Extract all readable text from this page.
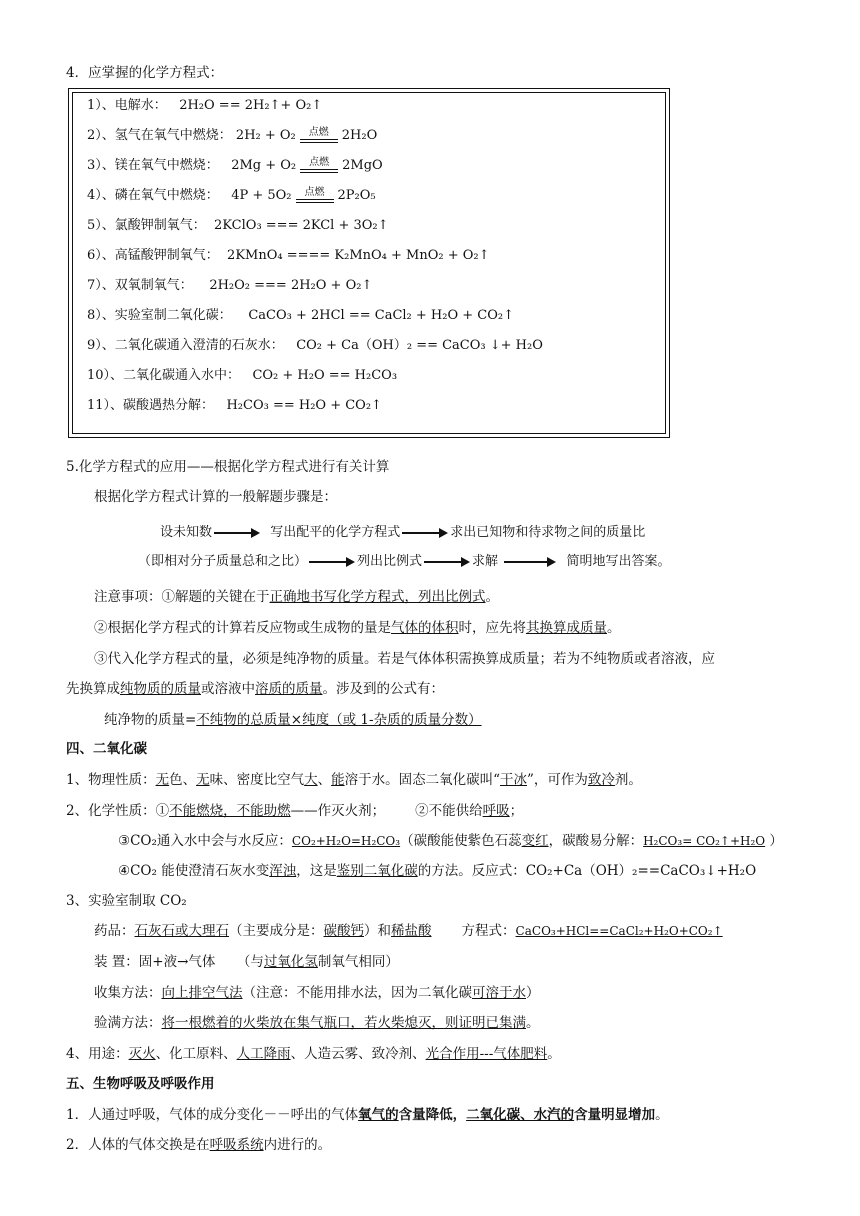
4．应掌握的化学方程式：
1）、电解水： 2H₂O == 2H₂↑+ O₂↑
2）、氢气在氧气中燃烧： 2H₂ + O₂	点燃	2H₂O
3）、镁在氧气中燃烧： 2Mg + O₂	点燃	2MgO
4）、磷在氧气中燃烧： 4P + 5O₂	点燃	2P₂O₅
5）、氯酸钾制氧气： 2KClO₃ === 2KCl + 3O₂↑
6）、高锰酸钾制氧气： 2KMnO₄ ==== K₂MnO₄ + MnO₂ + O₂↑
7）、双氧制氧气： 2H₂O₂ === 2H₂O + O₂↑
8）、实验室制二氧化碳： CaCO₃ + 2HCl == CaCl₂ + H₂O + CO₂↑
9）、二氧化碳通入澄清的石灰水： CO₂ + Ca（OH）₂ == CaCO₃ ↓+ H₂O
10）、二氧化碳通入水中： CO₂ + H₂O == H₂CO₃
11）、碳酸遇热分解： H₂CO₃ == H₂O + CO₂↑
5.化学方程式的应用——根据化学方程式进行有关计算
根据化学方程式计算的一般解题步骤是：
设未知数	写出配平的化学方程式	求出已知物和待求物之间的质量比
（即相对分子质量总和之比）	列出比例式	求解	简明地写出答案。
注意事项：①解题的关键在于正确地书写化学方程式，列出比例式。
②根据化学方程式的计算若反应物或生成物的量是气体的体积时，应先将其换算成质量。
③代入化学方程式的量，必须是纯净物的质量。若是气体体积需换算成质量；若为不纯物质或者溶液，应
先换算成纯物质的质量或溶液中溶质的质量。涉及到的公式有：
纯净物的质量=不纯物的总质量×纯度（或 1-杂质的质量分数）
四、二氧化碳
1、物理性质：无色、无味、密度比空气大、能溶于水。固态二氧化碳叫“干冰”，可作为致冷剂。
2、化学性质：①不能燃烧，不能助燃——作灭火剂； ②不能供给呼吸；
③CO₂通入水中会与水反应：CO₂+H₂O=H₂CO₃（碳酸能使紫色石蕊变红，碳酸易分解：H₂CO₃= CO₂↑+H₂O ）
④CO₂ 能使澄清石灰水变浑浊，这是鉴别二氧化碳的方法。反应式：CO₂+Ca（OH）₂==CaCO₃↓+H₂O
3、实验室制取 CO₂
药品：石灰石或大理石（主要成分是：碳酸钙）和稀盐酸 方程式：CaCO₃+HCl==CaCl₂+H₂O+CO₂↑
装 置：固+液→气体 （与过氧化氢制氧气相同）
收集方法：向上排空气法（注意：不能用排水法，因为二氧化碳可溶于水）
验满方法：将一根燃着的火柴放在集气瓶口，若火柴熄灭，则证明已集满。
4、用途：灭火、化工原料、人工降雨、人造云雾、致冷剂、光合作用---气体肥料。
五、生物呼吸及呼吸作用
1．人通过呼吸，气体的成分变化－－呼出的气体氧气的含量降低，二氧化碳、水汽的含量明显增加。
2．人体的气体交换是在呼吸系统内进行的。
